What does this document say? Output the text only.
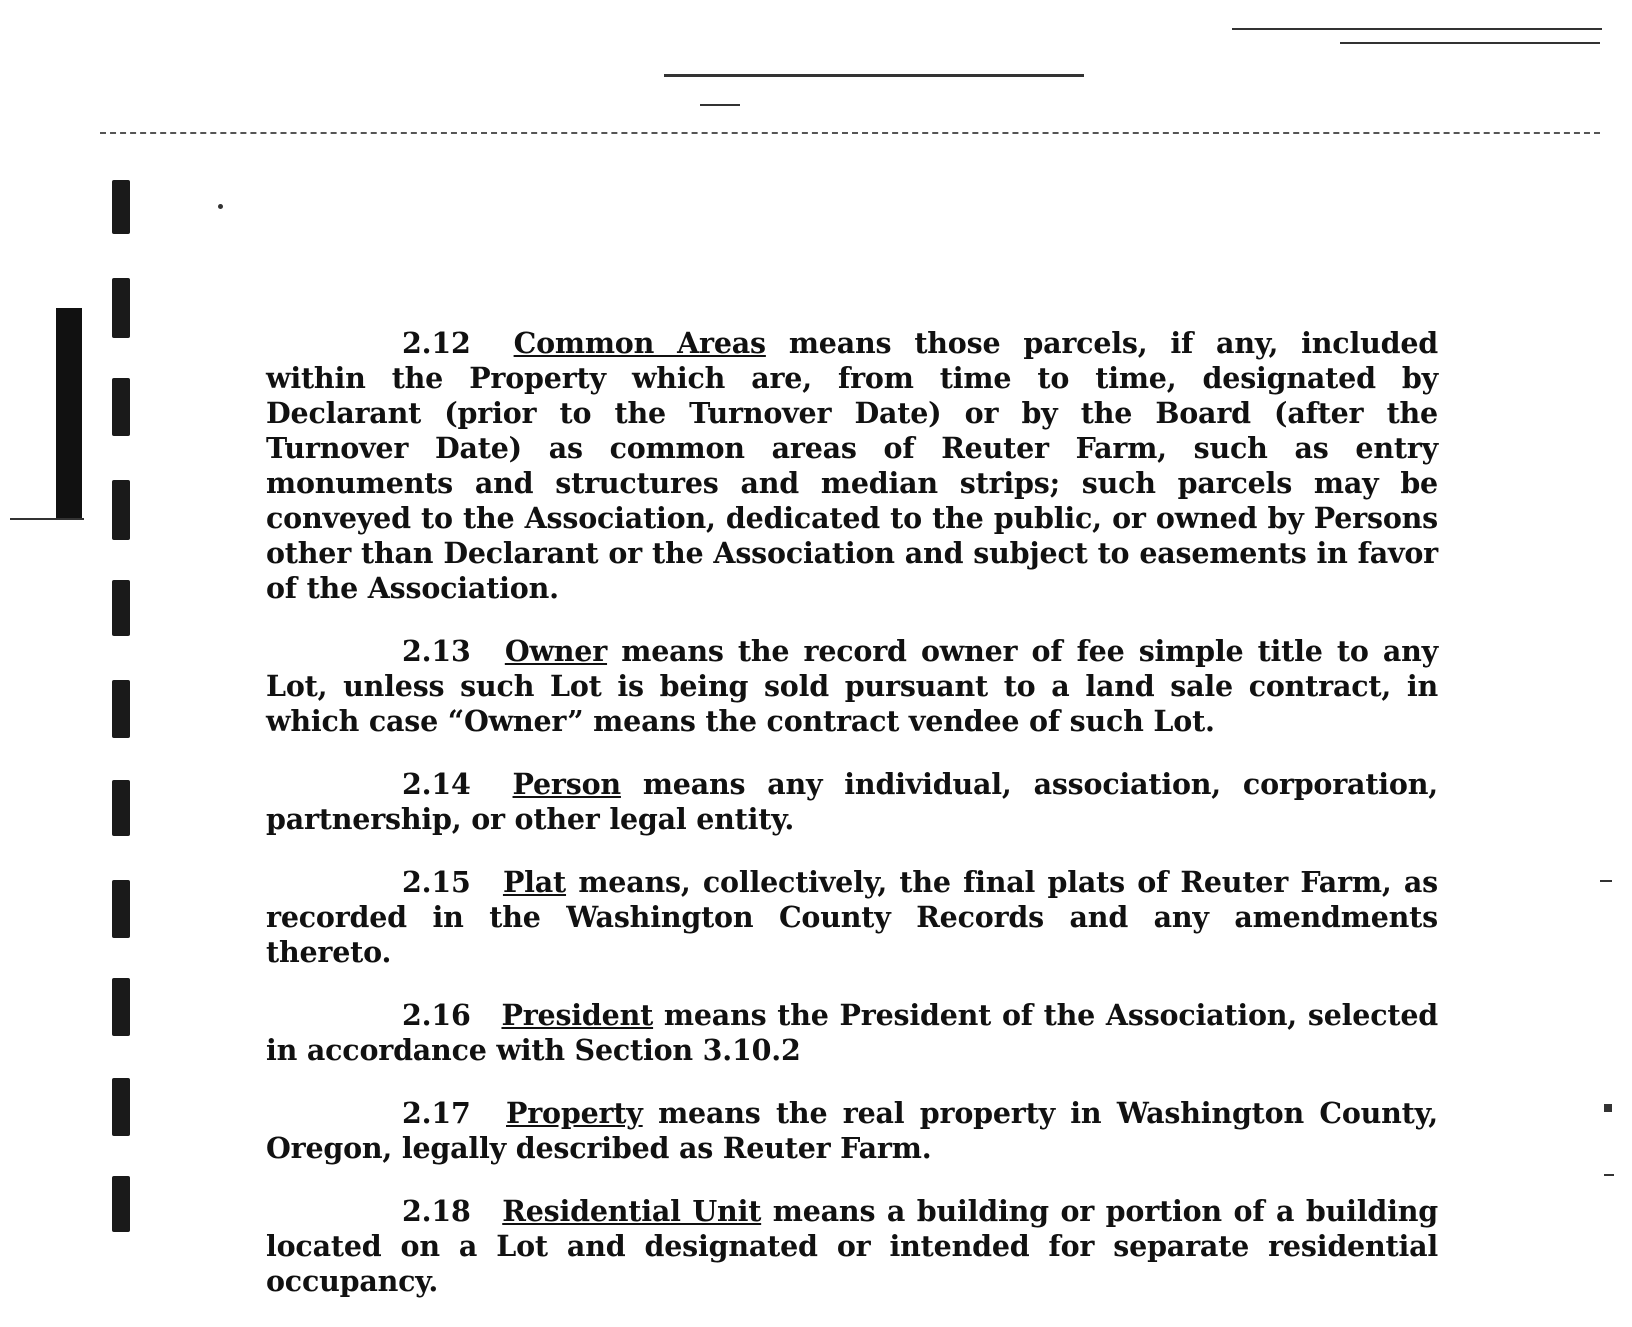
2.12 Common Areas means those parcels, if any, included within the Property which are, from time to time, designated by Declarant (prior to the Turnover Date) or by the Board (after the Turnover Date) as common areas of Reuter Farm, such as entry monuments and structures and median strips; such parcels may be conveyed to the Association, dedicated to the public, or owned by Persons other than Declarant or the Association and subject to easements in favor of the Association.

2.13 Owner means the record owner of fee simple title to any Lot, unless such Lot is being sold pursuant to a land sale contract, in which case “Owner” means the contract vendee of such Lot.

2.14 Person means any individual, association, corporation, partnership, or other legal entity.

2.15 Plat means, collectively, the final plats of Reuter Farm, as recorded in the Washington County Records and any amendments thereto.

2.16 President means the President of the Association, selected in accordance with Section 3.10.2

2.17 Property means the real property in Washington County, Oregon, legally described as Reuter Farm.

2.18 Residential Unit means a building or portion of a building located on a Lot and designated or intended for separate residential occupancy.
